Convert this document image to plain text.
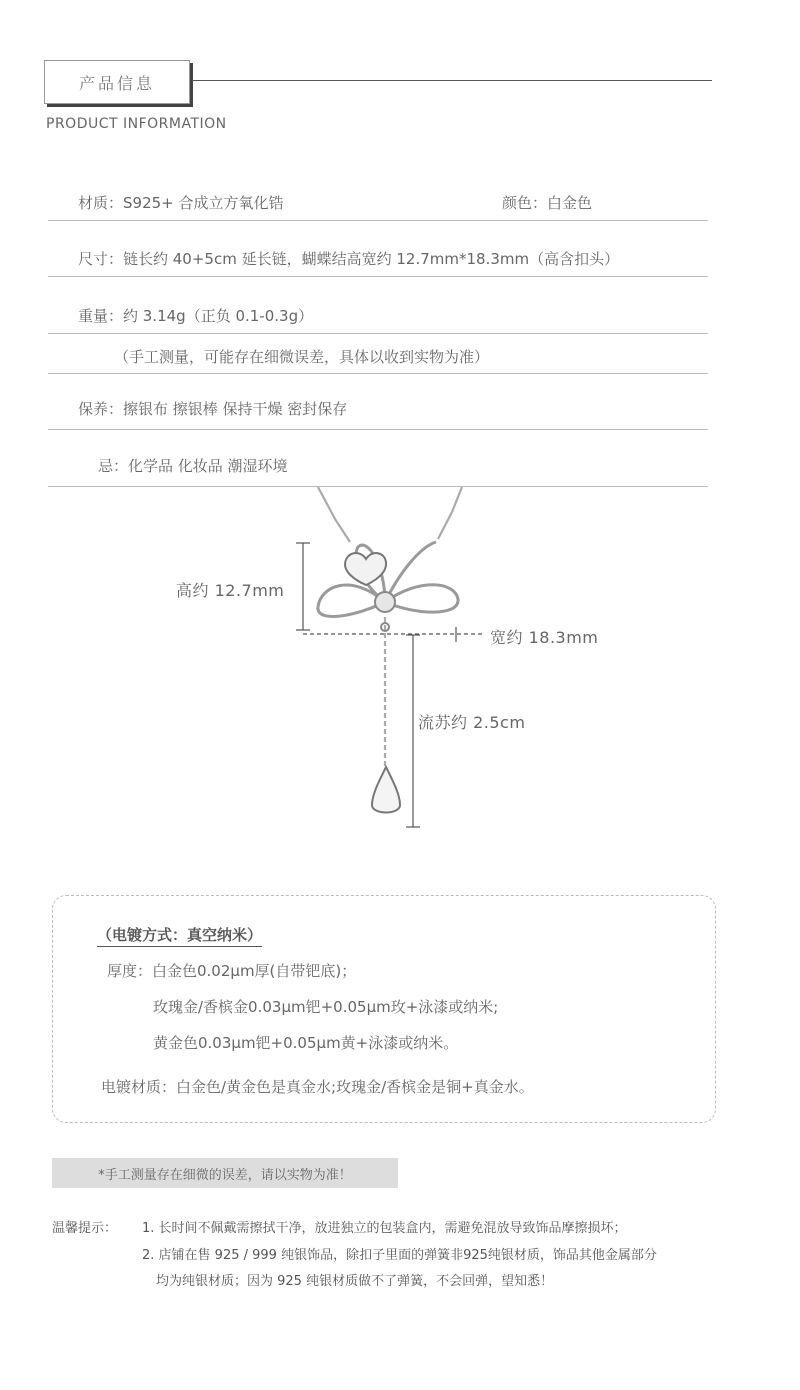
产品信息
PRODUCT INFORMATION
材质：S925+ 合成立方氧化锆	颜色：白金色
尺寸：链长约 40+5cm 延长链，蝴蝶结高宽约 12.7mm*18.3mm（高含扣头）
重量：约 3.14g（正负 0.1-0.3g）
（手工测量，可能存在细微误差，具体以收到实物为准）
保养：擦银布 擦银棒 保持干燥 密封保存
忌：化学品 化妆品 潮湿环境
高约 12.7mm
宽约 18.3mm
流苏约 2.5cm
（电镀方式：真空纳米）
厚度：白金色0.02μm厚(自带钯底)；
玫瑰金/香槟金0.03μm钯+0.05μm玫+泳漆或纳米;
黄金色0.03μm钯+0.05μm黄+泳漆或纳米。
电镀材质：白金色/黄金色是真金水;玫瑰金/香槟金是铜+真金水。
*手工测量存在细微的误差，请以实物为准！
温馨提示： 1. 长时间不佩戴需擦拭干净，放进独立的包装盒内，需避免混放导致饰品摩擦损坏；
2. 店铺在售 925 / 999 纯银饰品，除扣子里面的弹簧非925纯银材质，饰品其他金属部分
均为纯银材质；因为 925 纯银材质做不了弹簧，不会回弹，望知悉！
